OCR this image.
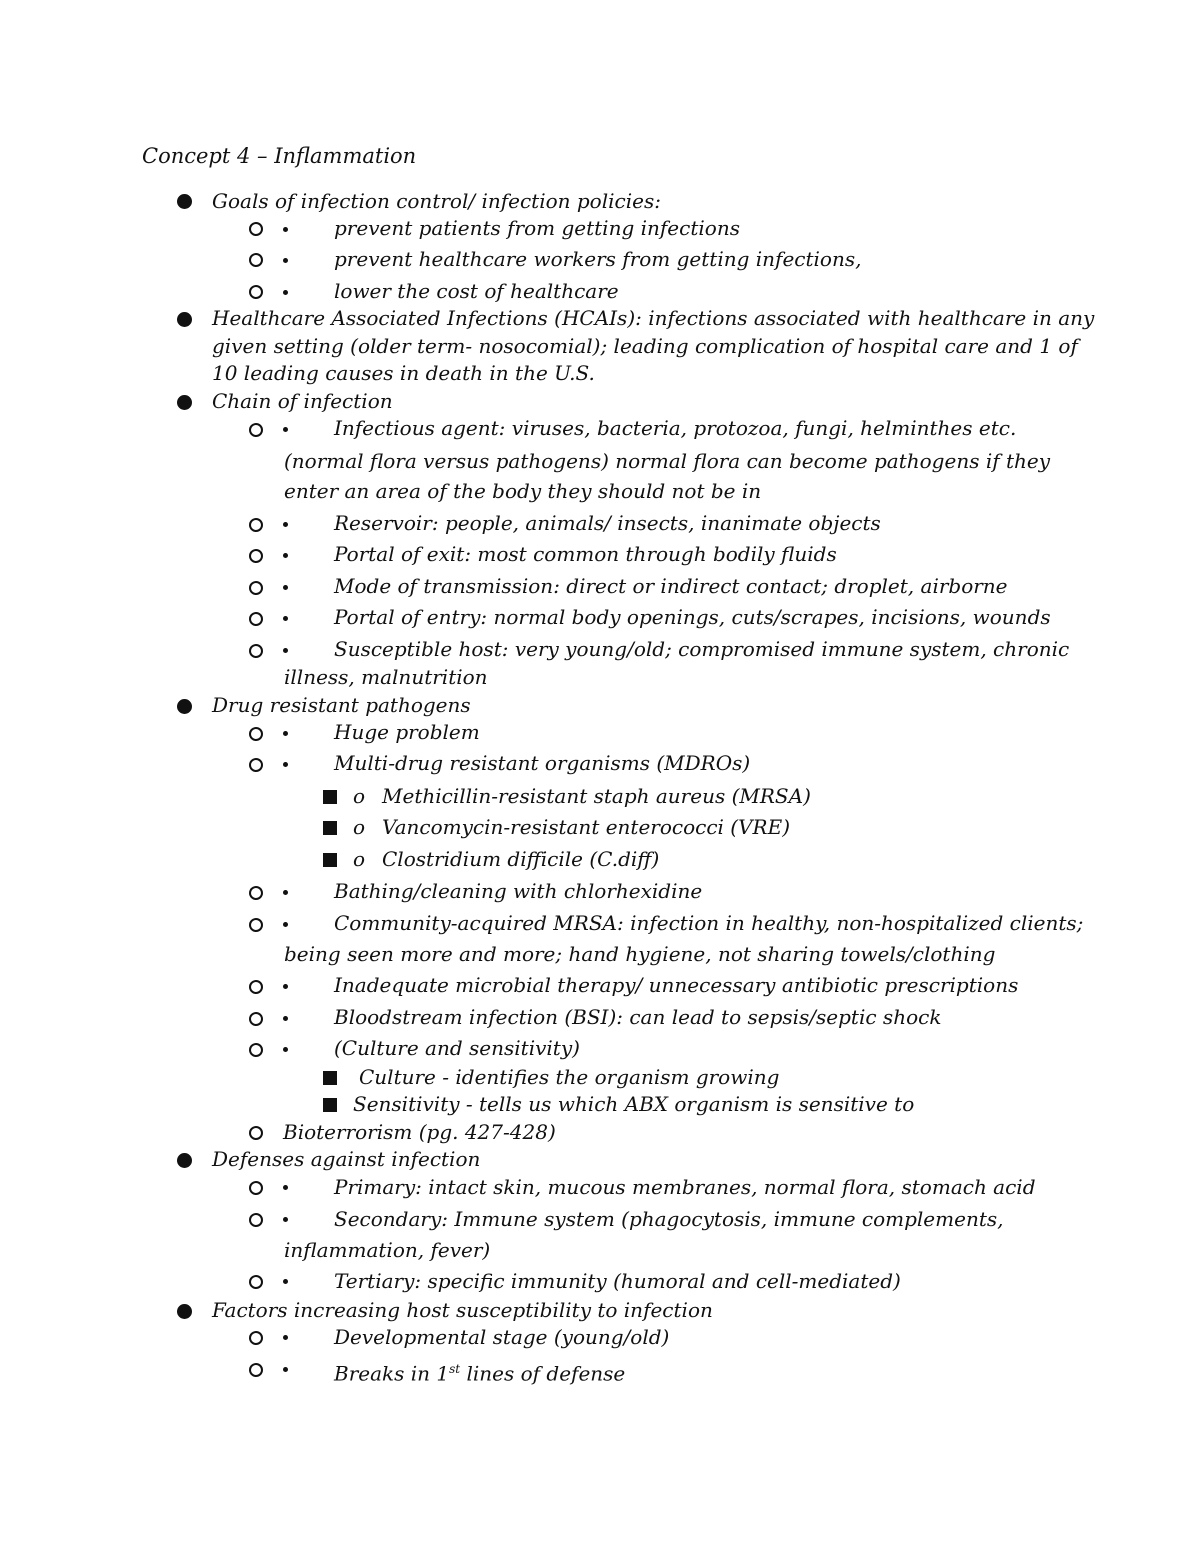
Concept 4 – Inflammation
Goals of infection control/ infection policies:
prevent patients from getting infections
prevent healthcare workers from getting infections,
lower the cost of healthcare
Healthcare Associated Infections (HCAIs): infections associated with healthcare in any
given setting (older term- nosocomial); leading complication of hospital care and 1 of
10 leading causes in death in the U.S.
Chain of infection
Infectious agent: viruses, bacteria, protozoa, fungi, helminthes etc.
(normal flora versus pathogens) normal flora can become pathogens if they
enter an area of the body they should not be in
Reservoir: people, animals/ insects, inanimate objects
Portal of exit: most common through bodily fluids
Mode of transmission: direct or indirect contact; droplet, airborne
Portal of entry: normal body openings, cuts/scrapes, incisions, wounds
Susceptible host: very young/old; compromised immune system, chronic
illness, malnutrition
Drug resistant pathogens
Huge problem
Multi-drug resistant organisms (MDROs)
o Methicillin-resistant staph aureus (MRSA)
o Vancomycin-resistant enterococci (VRE)
o Clostridium difficile (C.diff)
Bathing/cleaning with chlorhexidine
Community-acquired MRSA: infection in healthy, non-hospitalized clients;
being seen more and more; hand hygiene, not sharing towels/clothing
Inadequate microbial therapy/ unnecessary antibiotic prescriptions
Bloodstream infection (BSI): can lead to sepsis/septic shock
(Culture and sensitivity)
Culture - identifies the organism growing
Sensitivity - tells us which ABX organism is sensitive to
Bioterrorism (pg. 427-428)
Defenses against infection
Primary: intact skin, mucous membranes, normal flora, stomach acid
Secondary: Immune system (phagocytosis, immune complements,
inflammation, fever)
Tertiary: specific immunity (humoral and cell-mediated)
Factors increasing host susceptibility to infection
Developmental stage (young/old)
Breaks in 1st lines of defense
